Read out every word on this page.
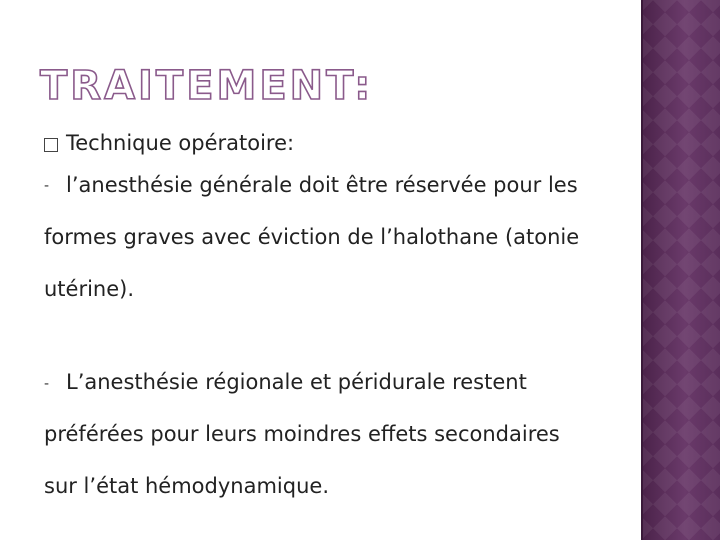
TRAITEMENT:
Technique opératoire:
- l’anesthésie générale doit être réservée pour les
formes graves avec éviction de l’halothane (atonie
utérine).
- L’anesthésie régionale et péridurale restent
préférées pour leurs moindres effets secondaires
sur l’état hémodynamique.
